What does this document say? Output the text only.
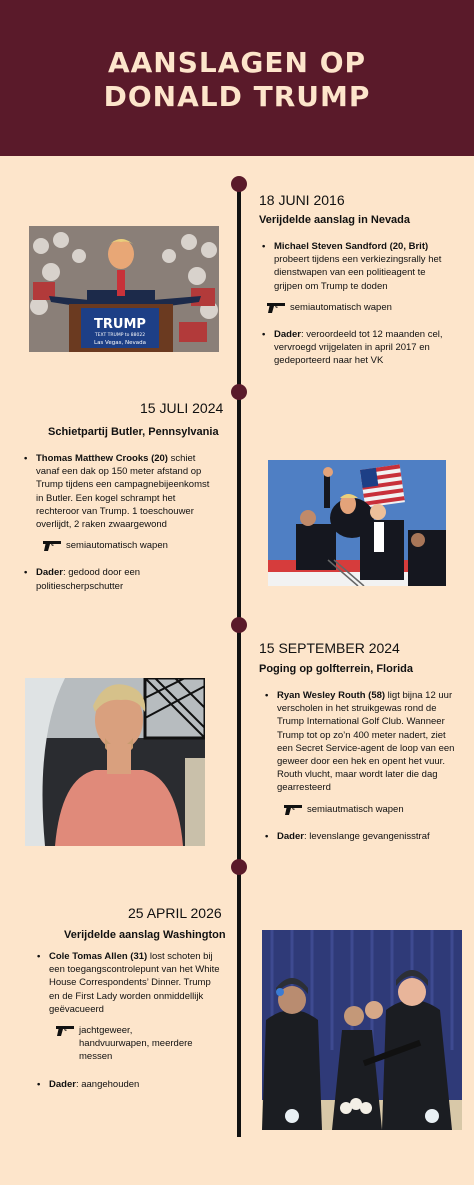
AANSLAGEN OP
DONALD TRUMP
18 JUNI 2016
Verijdelde aanslag in Nevada
• Michael Steven Sandford (20, Brit) probeert tijdens een verkiezingsrally het dienstwapen van een politieagent te grijpen om Trump te doden
semiautomatisch wapen
• Dader: veroordeeld tot 12 maanden cel, vervroegd vrijgelaten in april 2017 en gedeporteerd naar het VK
TRUMP
TEXT TRUMP to 88022
Las Vegas, Nevada
15 JULI 2024
Schietpartij Butler, Pennsylvania
• Thomas Matthew Crooks (20) schiet vanaf een dak op 150 meter afstand op Trump tijdens een campagnebijeenkomst in Butler. Een kogel schrampt het rechteroor van Trump. 1 toeschouwer overlijdt, 2 raken zwaargewond
semiautomatisch wapen
• Dader: gedood door een politiescherpschutter
15 SEPTEMBER 2024
Poging op golfterrein, Florida
• Ryan Wesley Routh (58) ligt bijna 12 uur verscholen in het struikgewas rond de Trump International Golf Club. Wanneer Trump tot op zo’n 400 meter nadert, ziet een Secret Service-agent de loop van een geweer door een hek en opent het vuur. Routh vlucht, maar wordt later die dag gearresteerd
semiautmatisch wapen
• Dader: levenslange gevangenisstraf
25 APRIL 2026
Verijdelde aanslag Washington
• Cole Tomas Allen (31) lost schoten bij een toegangscontrolepunt van het White House Correspondents’ Dinner. Trump en de First Lady worden onmiddellijk geëvacueerd
jachtgeweer, handvuurwapen, meerdere messen
• Dader: aangehouden
